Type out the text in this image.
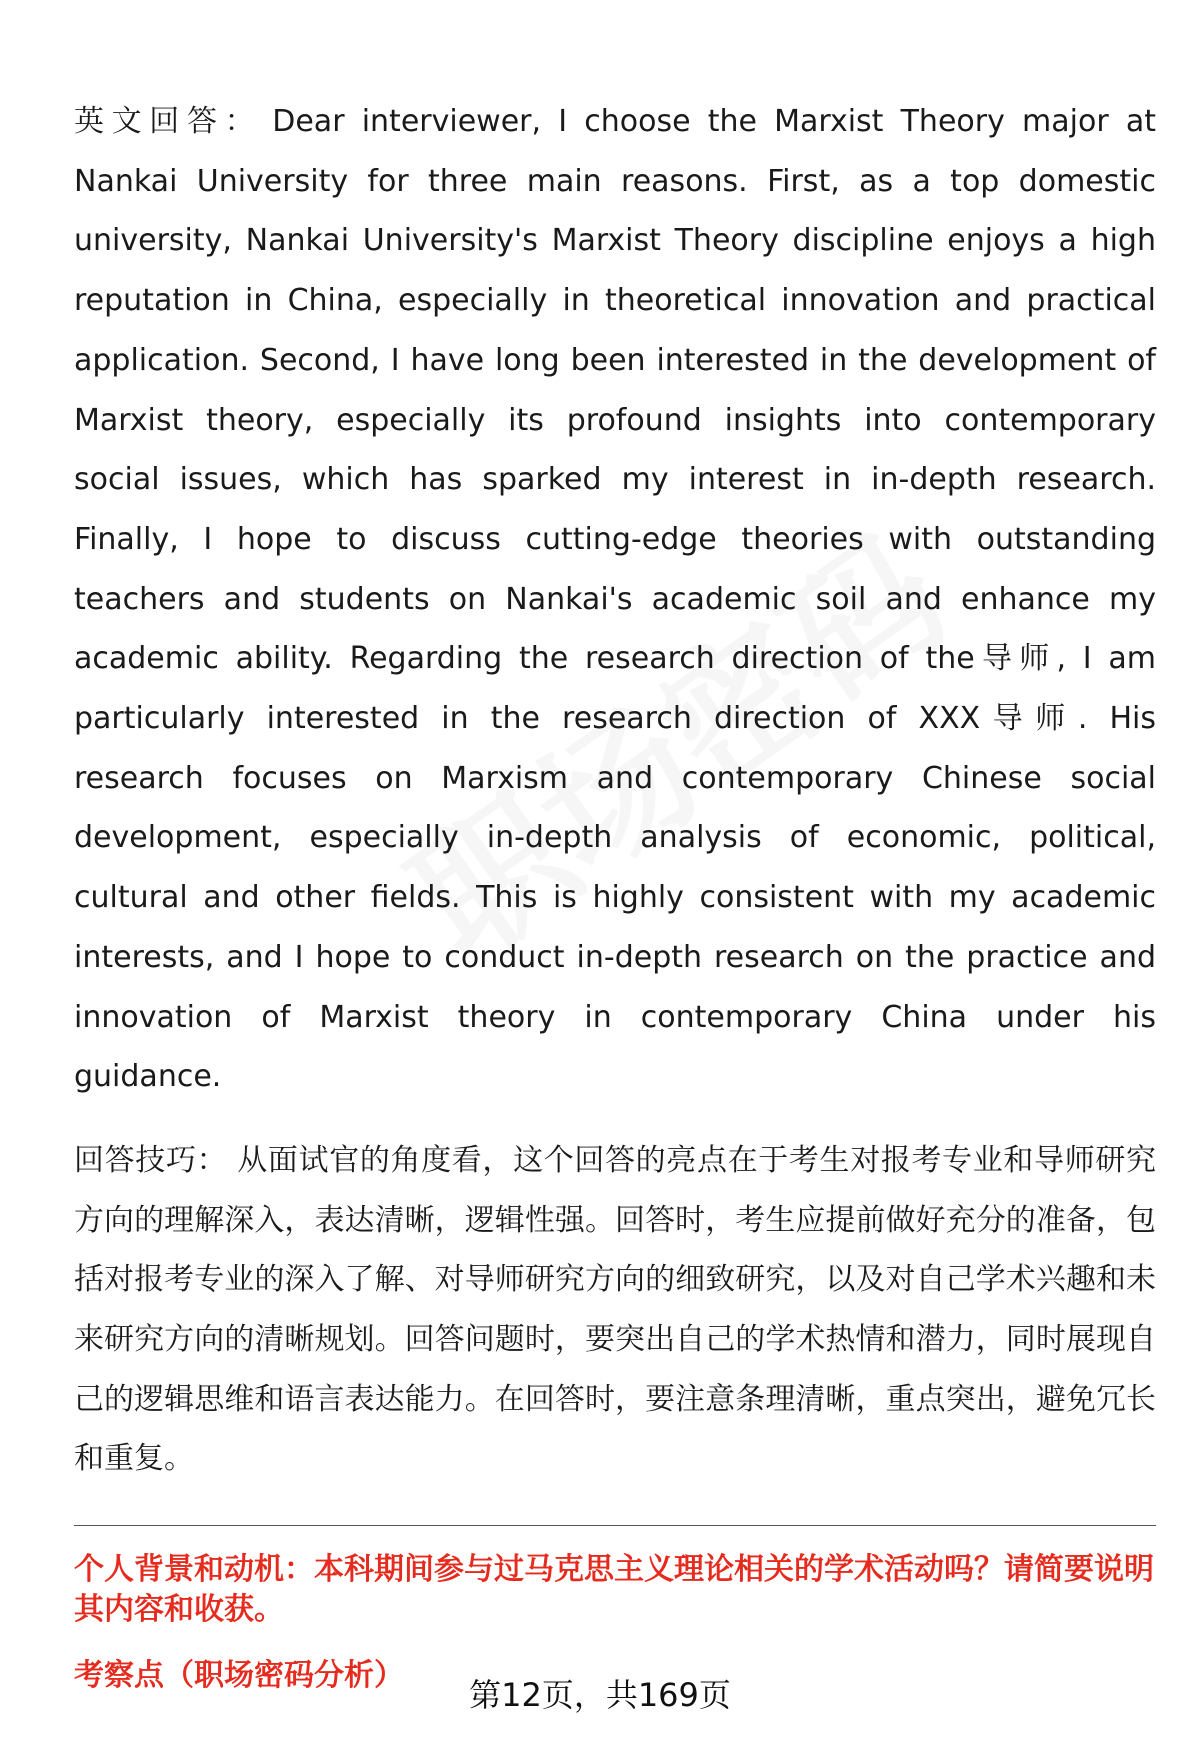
英文回答： Dear interviewer, I choose the Marxist Theory major at Nankai University for three main reasons. First, as a top domestic university, Nankai University's Marxist Theory discipline enjoys a high reputation in China, especially in theoretical innovation and practical application. Second, I have long been interested in the development of Marxist theory, especially its profound insights into contemporary social issues, which has sparked my interest in in-depth research. Finally, I hope to discuss cutting-edge theories with outstanding teachers and students on Nankai's academic soil and enhance my academic ability. Regarding the research direction of the导师, I am particularly interested in the research direction of XXX导师. His research focuses on Marxism and contemporary Chinese social development, especially in-depth analysis of economic, political, cultural and other fields. This is highly consistent with my academic interests, and I hope to conduct in-depth research on the practice and innovation of Marxist theory in contemporary China under his guidance.

回答技巧： 从面试官的角度看，这个回答的亮点在于考生对报考专业和导师研究方向的理解深入，表达清晰，逻辑性强。回答时，考生应提前做好充分的准备，包括对报考专业的深入了解、对导师研究方向的细致研究，以及对自己学术兴趣和未来研究方向的清晰规划。回答问题时，要突出自己的学术热情和潜力，同时展现自己的逻辑思维和语言表达能力。在回答时，要注意条理清晰，重点突出，避免冗长和重复。

个人背景和动机：本科期间参与过马克思主义理论相关的学术活动吗？请简要说明其内容和收获。
考察点（职场密码分析）
第12页，共169页
